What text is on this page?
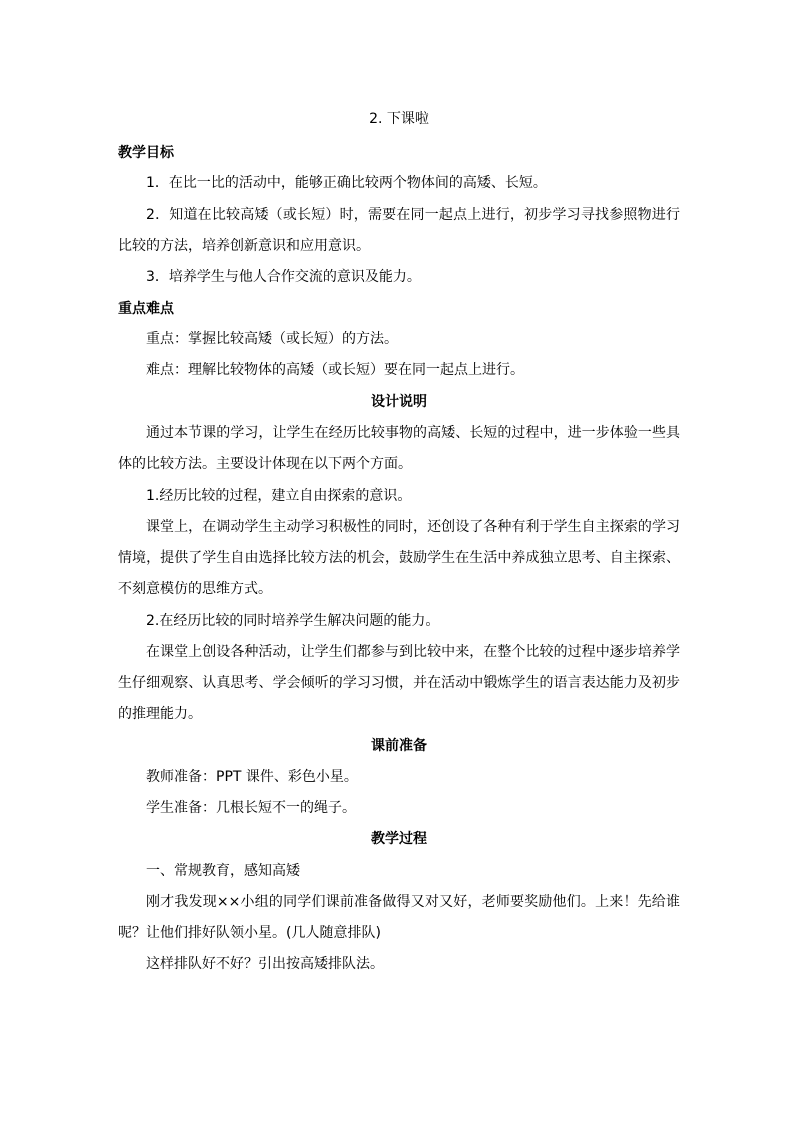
2. 下课啦
教学目标
1．在比一比的活动中，能够正确比较两个物体间的高矮、长短。
2．知道在比较高矮（或长短）时，需要在同一起点上进行，初步学习寻找参照物进行
比较的方法，培养创新意识和应用意识。
3．培养学生与他人合作交流的意识及能力。
重点难点
重点：掌握比较高矮（或长短）的方法。
难点：理解比较物体的高矮（或长短）要在同一起点上进行。
设计说明
通过本节课的学习，让学生在经历比较事物的高矮、长短的过程中，进一步体验一些具
体的比较方法。主要设计体现在以下两个方面。
1.经历比较的过程，建立自由探索的意识。
课堂上，在调动学生主动学习积极性的同时，还创设了各种有利于学生自主探索的学习
情境，提供了学生自由选择比较方法的机会，鼓励学生在生活中养成独立思考、自主探索、
不刻意模仿的思维方式。
2.在经历比较的同时培养学生解决问题的能力。
在课堂上创设各种活动，让学生们都参与到比较中来，在整个比较的过程中逐步培养学
生仔细观察、认真思考、学会倾听的学习习惯，并在活动中锻炼学生的语言表达能力及初步
的推理能力。
课前准备
教师准备：PPT 课件、彩色小星。
学生准备：几根长短不一的绳子。
教学过程
一、常规教育，感知高矮
刚才我发现××小组的同学们课前准备做得又对又好，老师要奖励他们。上来！先给谁
呢？让他们排好队领小星。(几人随意排队)
这样排队好不好？引出按高矮排队法。
